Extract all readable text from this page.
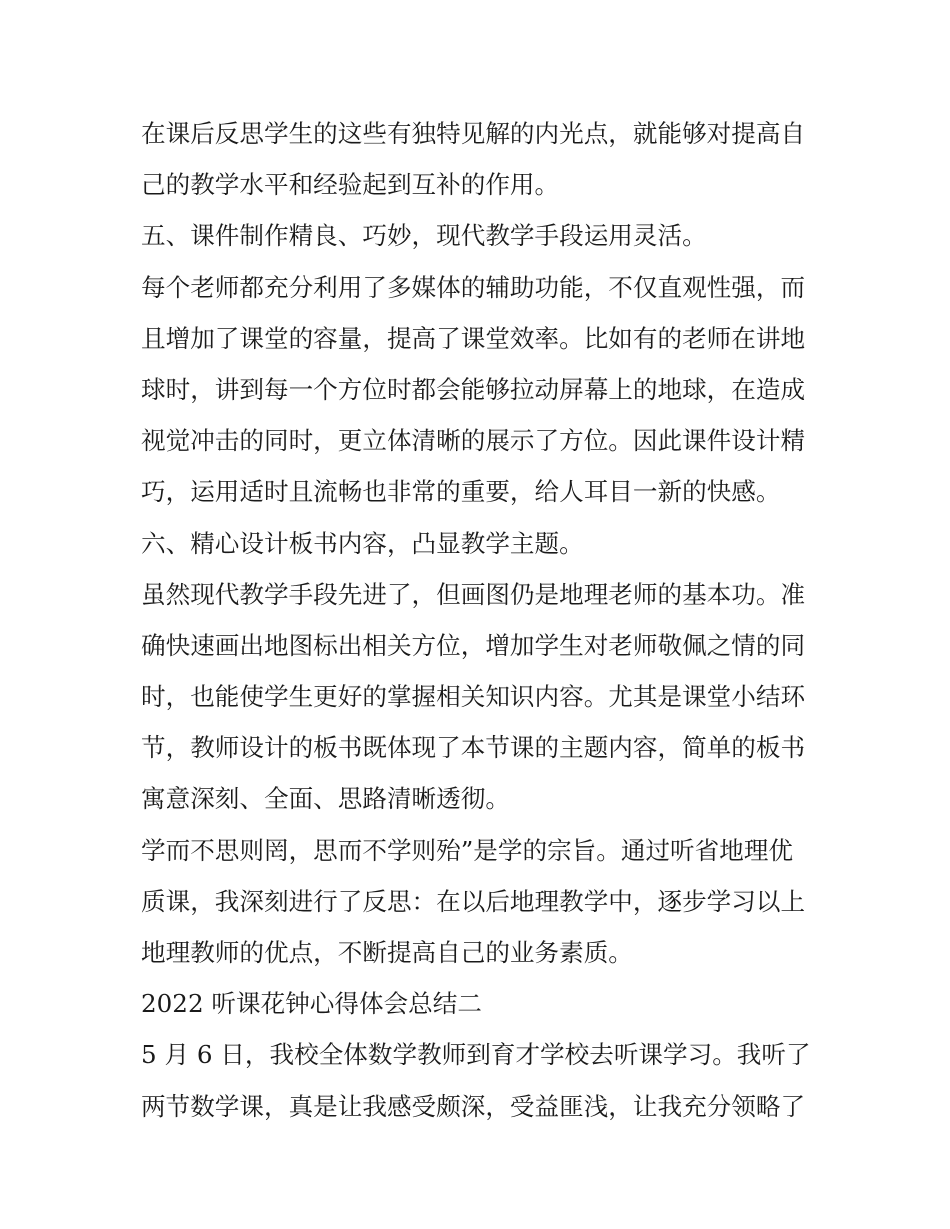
在课后反思学生的这些有独特见解的内光点，就能够对提高自

己的教学水平和经验起到互补的作用。

五、课件制作精良、巧妙，现代教学手段运用灵活。

每个老师都充分利用了多媒体的辅助功能，不仅直观性强，而

且增加了课堂的容量，提高了课堂效率。比如有的老师在讲地

球时，讲到每一个方位时都会能够拉动屏幕上的地球，在造成

视觉冲击的同时，更立体清晰的展示了方位。因此课件设计精

巧，运用适时且流畅也非常的重要，给人耳目一新的快感。

六、精心设计板书内容，凸显教学主题。

虽然现代教学手段先进了，但画图仍是地理老师的基本功。准

确快速画出地图标出相关方位，增加学生对老师敬佩之情的同

时，也能使学生更好的掌握相关知识内容。尤其是课堂小结环

节，教师设计的板书既体现了本节课的主题内容，简单的板书

寓意深刻、全面、思路清晰透彻。

学而不思则罔，思而不学则殆”是学的宗旨。通过听省地理优

质课，我深刻进行了反思：在以后地理教学中，逐步学习以上

地理教师的优点，不断提高自己的业务素质。

2022 听课花钟心得体会总结二

5 月 6 日，我校全体数学教师到育才学校去听课学习。我听了

两节数学课，真是让我感受颇深，受益匪浅，让我充分领略了
